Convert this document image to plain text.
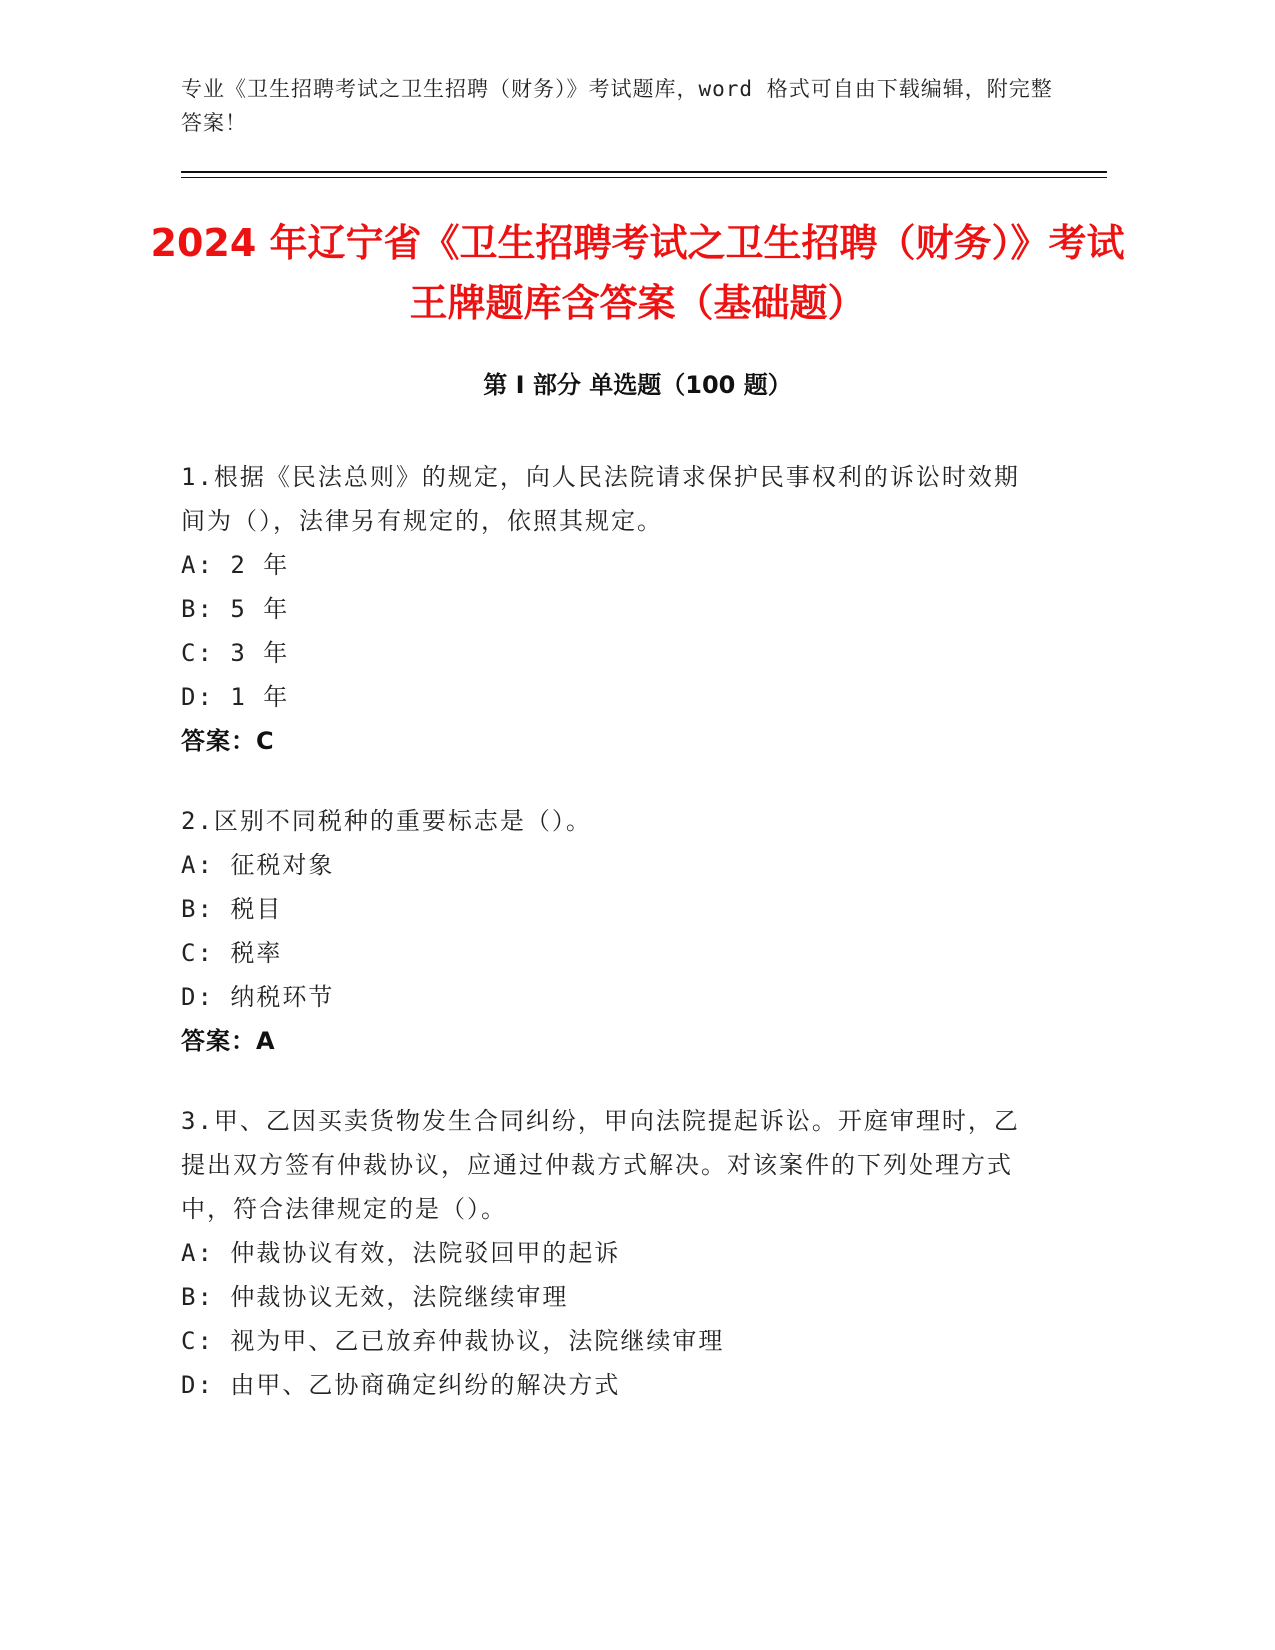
专业《卫生招聘考试之卫生招聘（财务）》考试题库，word 格式可自由下载编辑，附完整答案！
2024 年辽宁省《卫生招聘考试之卫生招聘（财务）》考试王牌题库含答案（基础题）
第 I 部分 单选题（100 题）
1.根据《民法总则》的规定，向人民法院请求保护民事权利的诉讼时效期间为（），法律另有规定的，依照其规定。
A: 2 年
B: 5 年
C: 3 年
D: 1 年
答案：C
2.区别不同税种的重要标志是（）。
A: 征税对象
B: 税目
C: 税率
D: 纳税环节
答案：A
3.甲、乙因买卖货物发生合同纠纷，甲向法院提起诉讼。开庭审理时，乙提出双方签有仲裁协议，应通过仲裁方式解决。对该案件的下列处理方式中，符合法律规定的是（）。
A: 仲裁协议有效，法院驳回甲的起诉
B: 仲裁协议无效，法院继续审理
C: 视为甲、乙已放弃仲裁协议，法院继续审理
D: 由甲、乙协商确定纠纷的解决方式
